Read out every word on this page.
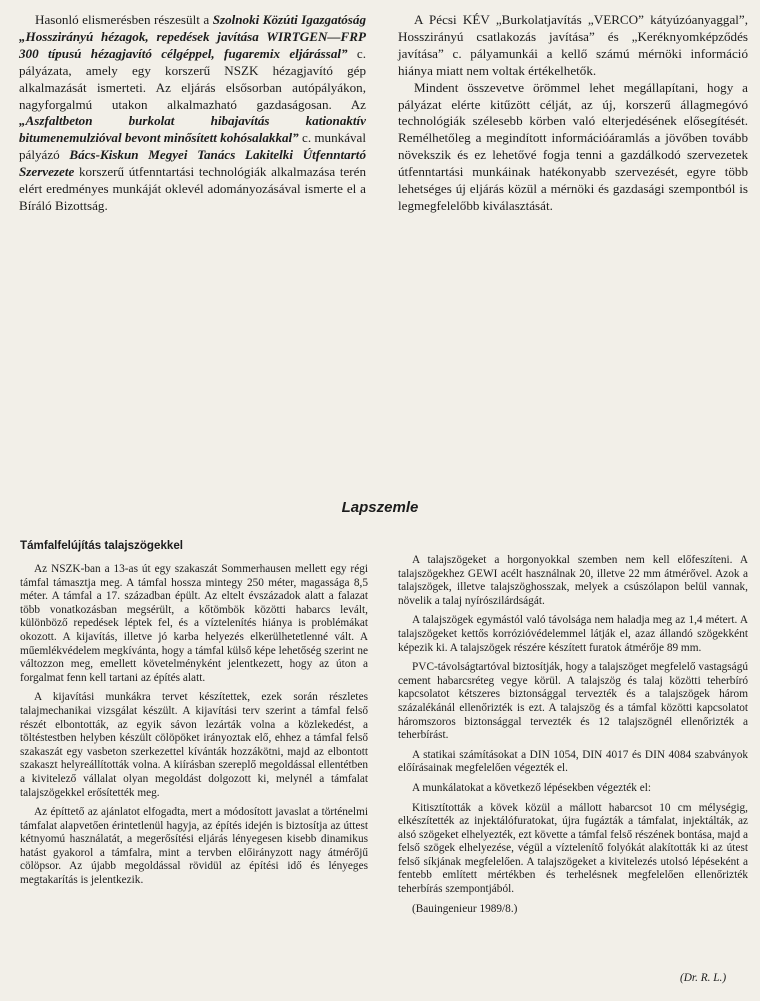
Hasonló elismerésben részesült a Szolnoki Közúti Igazgatóság „Hosszirányú hézagok, repedések javítása WIRTGEN—FRP 300 típusú hézagjavító célgéppel, fugaremix eljárással” c. pályázata, amely egy korszerű NSZK hézagjavító gép alkalmazását ismerteti. Az eljárás elsősorban autópályákon, nagyforgalmú utakon alkalmazható gazdaságosan. Az „Aszfaltbeton burkolat hibajavítás kationaktív bitumenemulzióval bevont minősített kohósalakkal” c. munkával pályázó Bács-Kiskun Megyei Tanács Lakitelki Útfenntartó Szervezete korszerű útfenntartási technológiák alkalmazása terén elért eredményes munkáját oklevél adományozásával ismerte el a Bíráló Bizottság.

A Pécsi KÉV „Burkolatjavítás „VERCO” kátyúzóanyaggal”, Hosszirányú csatlakozás javítása” és „Keréknyomképződés javítása” c. pályamunkái a kellő számú mérnöki információ hiánya miatt nem voltak értékelhetők.

Mindent összevetve örömmel lehet megállapítani, hogy a pályázat elérte kitűzött célját, az új, korszerű állagmegóvó technológiák szélesebb körben való elterjedésének elősegítését. Remélhetőleg a megindított információáramlás a jövőben tovább növekszik és ez lehetővé fogja tenni a gazdálkodó szervezetek útfenntartási munkáinak hatékonyabb szervezését, egyre több lehetséges új eljárás közül a mérnöki és gazdasági szempontból is legmegfelelőbb kiválasztását.

Lapszemle
Támfalfelújítás talajszögekkel

Az NSZK-ban a 13-as út egy szakaszát Sommerhausen mellett egy régi támfal támasztja meg. A támfal hossza mintegy 250 méter, magassága 8,5 méter. A támfal a 17. században épült. Az eltelt évszázadok alatt a falazat több vonatkozásban megsérült, a kőtömbök közötti habarcs levált, különböző repedések léptek fel, és a víztelenítés hiánya is problémákat okozott. A kijavítás, illetve jó karba helyezés elkerülhetetlenné vált. A műemlékvédelem megkívánta, hogy a támfal külső képe lehetőség szerint ne változzon meg, emellett követelményként jelentkezett, hogy az úton a forgalmat fenn kell tartani az építés alatt.

A kijavítási munkákra tervet készítettek, ezek során részletes talajmechanikai vizsgálat készült. A kijavítási terv szerint a támfal felső részét elbontották, az egyik sávon lezárták volna a közlekedést, a töltéstestben helyben készült cölöpöket irányoztak elő, ehhez a támfal felső szakaszát egy vasbeton szerkezettel kívánták hozzákötni, majd az elbontott szakaszt helyreállították volna. A kiírásban szereplő megoldással ellentétben a kivitelező vállalat olyan megoldást dolgozott ki, melynél a támfalat talajszögekkel erősítették meg.

Az építtető az ajánlatot elfogadta, mert a módosított javaslat a történelmi támfalat alapvetően érintetlenül hagyja, az építés idején is biztosítja az úttest kétnyomú használatát, a megerősítési eljárás lényegesen kisebb dinamikus hatást gyakorol a támfalra, mint a tervben előirányzott nagy átmérőjű cölöpsor. Az újabb megoldással rövidül az építési idő és lényeges megtakarítás is jelentkezik.

A talajszögeket a horgonyokkal szemben nem kell előfeszíteni. A talajszögekhez GEWI acélt használnak 20, illetve 22 mm átmérővel. Azok a talajszögek, illetve talajszöghosszak, melyek a csúszólapon belül vannak, növelik a talaj nyírószilárdságát.

A talajszögek egymástól való távolsága nem haladja meg az 1,4 métert. A talajszögeket kettős korrózióvédelemmel látják el, azaz állandó szögekként képezik ki. A talajszögek részére készített furatok átmérője 89 mm.

PVC-távolságtartóval biztosítják, hogy a talajszöget megfelelő vastagságú cement habarcsréteg vegye körül. A talajszög és talaj közötti teherbíró kapcsolatot kétszeres biztonsággal tervezték és a talajszögek három százalékánál ellenőrizték is ezt. A talajszög és a támfal közötti kapcsolatot háromszoros biztonsággal tervezték és 12 talajszögnél ellenőrizték a teherbírást.

A statikai számításokat a DIN 1054, DIN 4017 és DIN 4084 szabványok előírásainak megfelelően végezték el.

A munkálatokat a következő lépésekben végezték el:

Kitisztították a kövek közül a mállott habarcsot 10 cm mélységig, elkészítették az injektálófuratokat, újra fugázták a támfalat, injektálták, az alsó szögeket elhelyezték, ezt követte a támfal felső részének bontása, majd a felső szögek elhelyezése, végül a víztelenítő folyókát alakították ki az útest felső síkjának megfelelően. A talajszögeket a kivitelezés utolsó lépéseként a fentebb említett mértékben és terhelésnek megfelelően ellenőrizték teherbírás szempontjából.

(Bauingenieur 1989/8.)

(Dr. R. L.)
